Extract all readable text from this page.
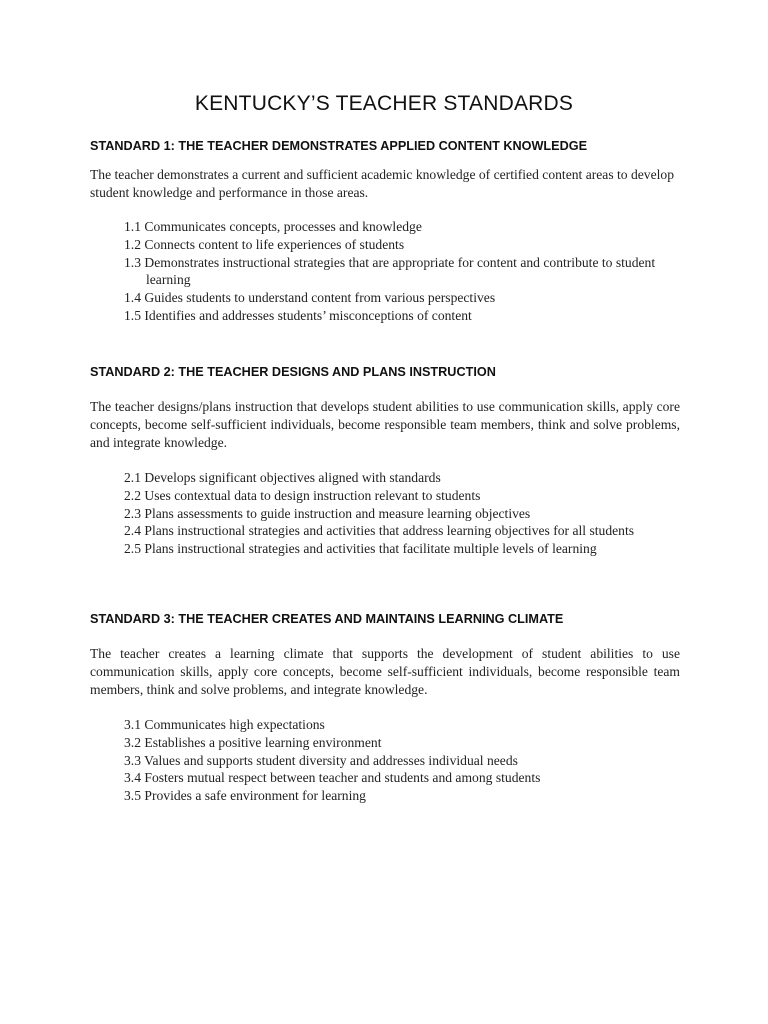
KENTUCKY’S TEACHER STANDARDS
STANDARD 1: THE TEACHER DEMONSTRATES APPLIED CONTENT KNOWLEDGE

The teacher demonstrates a current and sufficient academic knowledge of certified content areas to develop student knowledge and performance in those areas.

1.1 Communicates concepts, processes and knowledge
1.2 Connects content to life experiences of students
1.3 Demonstrates instructional strategies that are appropriate for content and contribute to student learning
1.4 Guides students to understand content from various perspectives
1.5 Identifies and addresses students’ misconceptions of content
STANDARD 2: THE TEACHER DESIGNS AND PLANS INSTRUCTION

The teacher designs/plans instruction that develops student abilities to use communication skills, apply core concepts, become self-sufficient individuals, become responsible team members, think and solve problems, and integrate knowledge.

2.1 Develops significant objectives aligned with standards
2.2 Uses contextual data to design instruction relevant to students
2.3 Plans assessments to guide instruction and measure learning objectives
2.4 Plans instructional strategies and activities that address learning objectives for all students
2.5 Plans instructional strategies and activities that facilitate multiple levels of learning
STANDARD 3: THE TEACHER CREATES AND MAINTAINS LEARNING CLIMATE

The teacher creates a learning climate that supports the development of student abilities to use communication skills, apply core concepts, become self-sufficient individuals, become responsible team members, think and solve problems, and integrate knowledge.

3.1 Communicates high expectations
3.2 Establishes a positive learning environment
3.3 Values and supports student diversity and addresses individual needs
3.4 Fosters mutual respect between teacher and students and among students
3.5 Provides a safe environment for learning
